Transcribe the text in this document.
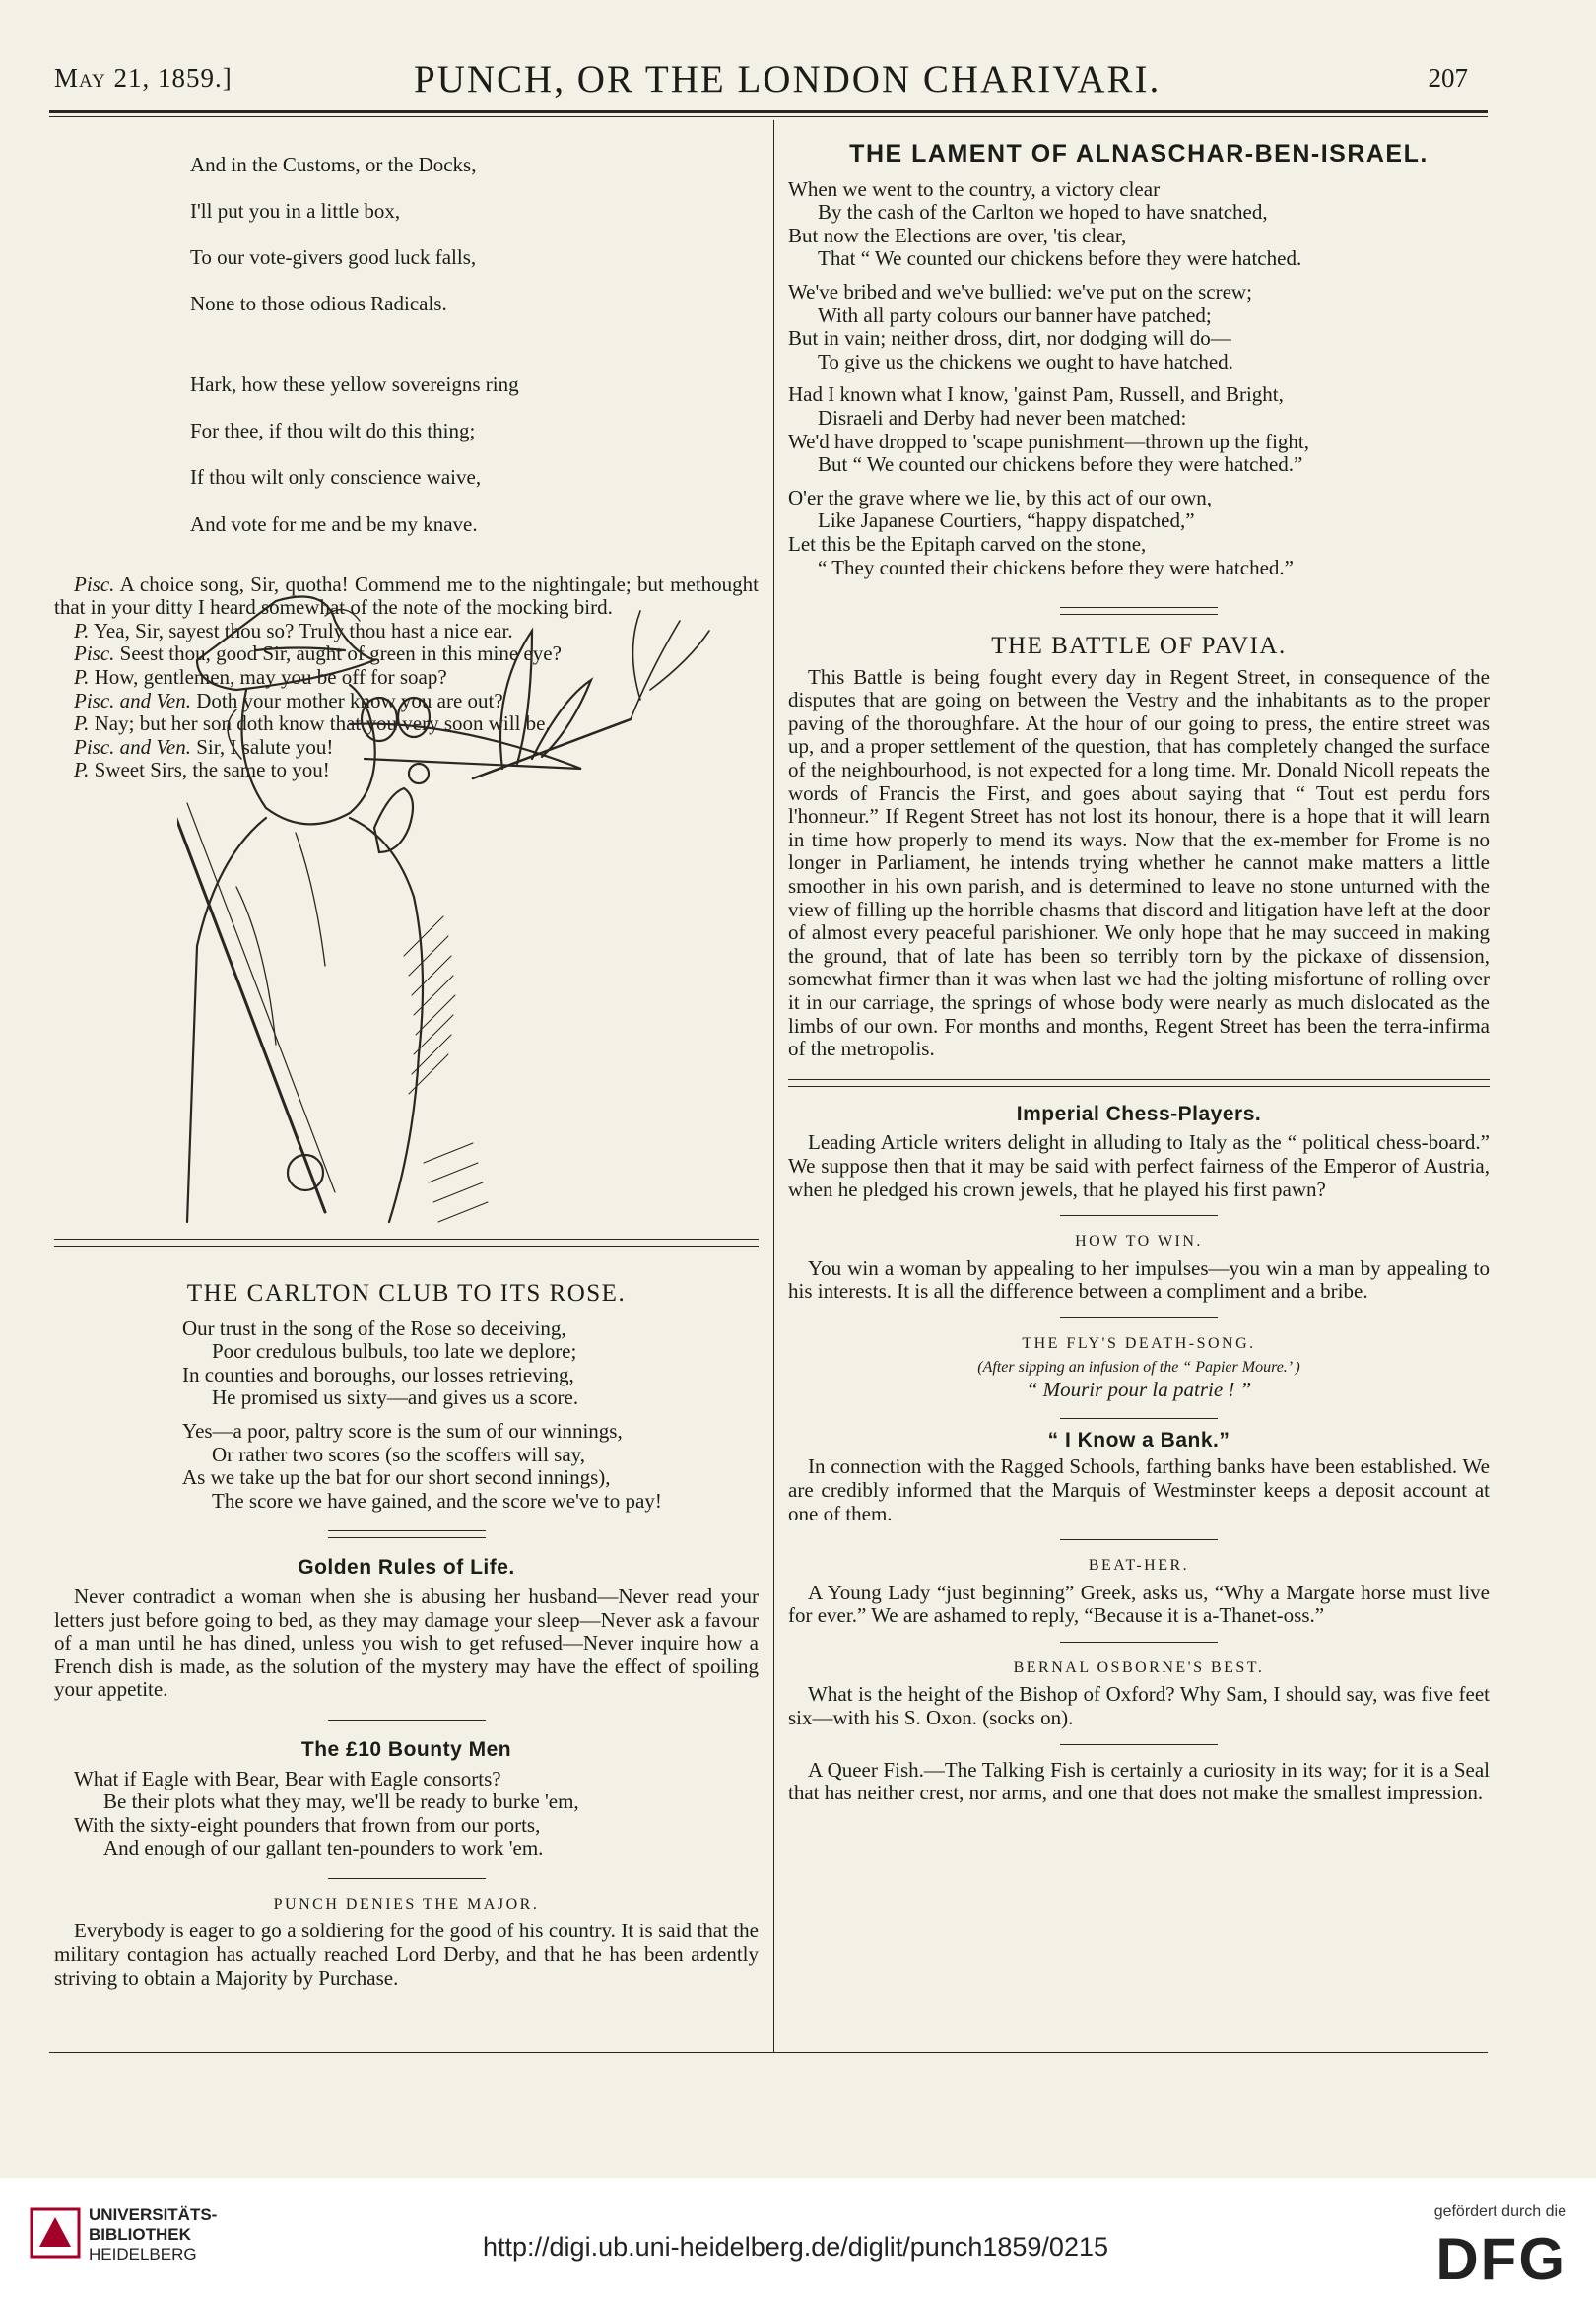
May 21, 1859.]	PUNCH, OR THE LONDON CHARIVARI.	207

And in the Customs, or the Docks,

I'll put you in a little box,

To our vote-givers good luck falls,

None to those odious Radicals.

Hark, how these yellow sovereigns ring

For thee, if thou wilt do this thing;

If thou wilt only conscience waive,

And vote for me and be my knave.

Pisc. A choice song, Sir, quotha! Commend me to the nightingale; but methought that in your ditty I heard somewhat of the note of the mocking bird.

P. Yea, Sir, sayest thou so? Truly thou hast a nice ear.

Pisc. Seest thou, good Sir, aught of green in this mine eye?

P. How, gentlemen, may you be off for soap?

Pisc. and Ven. Doth your mother know you are out?

P. Nay; but her son doth know that you very soon will be.

Pisc. and Ven. Sir, I salute you!

P. Sweet Sirs, the same to you!

THE CARLTON CLUB TO ITS ROSE.

Our trust in the song of the Rose so deceiving,

Poor credulous bulbuls, too late we deplore;

In counties and boroughs, our losses retrieving,

He promised us sixty—and gives us a score.

Yes—a poor, paltry score is the sum of our winnings,

Or rather two scores (so the scoffers will say,

As we take up the bat for our short second innings),

The score we have gained, and the score we've to pay!

Golden Rules of Life.

Never contradict a woman when she is abusing her husband—Never read your letters just before going to bed, as they may damage your sleep—Never ask a favour of a man until he has dined, unless you wish to get refused—Never inquire how a French dish is made, as the solution of the mystery may have the effect of spoiling your appetite.

The £10 Bounty Men

What if Eagle with Bear, Bear with Eagle consorts?

Be their plots what they may, we'll be ready to burke 'em,

With the sixty-eight pounders that frown from our ports,

And enough of our gallant ten-pounders to work 'em.

PUNCH DENIES THE MAJOR.

Everybody is eager to go a soldiering for the good of his country. It is said that the military contagion has actually reached Lord Derby, and that he has been ardently striving to obtain a Majority by Purchase.

THE LAMENT OF ALNASCHAR-BEN-ISRAEL.

When we went to the country, a victory clear

By the cash of the Carlton we hoped to have snatched,

But now the Elections are over, 'tis clear,

That “ We counted our chickens before they were hatched.

We've bribed and we've bullied: we've put on the screw;

With all party colours our banner have patched;

But in vain; neither dross, dirt, nor dodging will do—

To give us the chickens we ought to have hatched.

Had I known what I know, 'gainst Pam, Russell, and Bright,

Disraeli and Derby had never been matched:

We'd have dropped to 'scape punishment—thrown up the fight,

But “ We counted our chickens before they were hatched.”

O'er the grave where we lie, by this act of our own,

Like Japanese Courtiers, “happy dispatched,”

Let this be the Epitaph carved on the stone,

“ They counted their chickens before they were hatched.”

THE BATTLE OF PAVIA.

This Battle is being fought every day in Regent Street, in consequence of the disputes that are going on between the Vestry and the inhabitants as to the proper paving of the thoroughfare. At the hour of our going to press, the entire street was up, and a proper settlement of the question, that has completely changed the surface of the neighbourhood, is not expected for a long time. Mr. Donald Nicoll repeats the words of Francis the First, and goes about saying that “ Tout est perdu fors l'honneur.” If Regent Street has not lost its honour, there is a hope that it will learn in time how properly to mend its ways. Now that the ex-member for Frome is no longer in Parliament, he intends trying whether he cannot make matters a little smoother in his own parish, and is determined to leave no stone unturned with the view of filling up the horrible chasms that discord and litigation have left at the door of almost every peaceful parishioner. We only hope that he may succeed in making the ground, that of late has been so terribly torn by the pickaxe of dissension, somewhat firmer than it was when last we had the jolting misfortune of rolling over it in our carriage, the springs of whose body were nearly as much dislocated as the limbs of our own. For months and months, Regent Street has been the terra-infirma of the metropolis.

Imperial Chess-Players.

Leading Article writers delight in alluding to Italy as the “ political chess-board.” We suppose then that it may be said with perfect fairness of the Emperor of Austria, when he pledged his crown jewels, that he played his first pawn?

HOW TO WIN.

You win a woman by appealing to her impulses—you win a man by appealing to his interests. It is all the difference between a compliment and a bribe.

THE FLY'S DEATH-SONG.

(After sipping an infusion of the “ Papier Moure.’ )

“ Mourir pour la patrie ! ”

“ I Know a Bank.”

In connection with the Ragged Schools, farthing banks have been established. We are credibly informed that the Marquis of Westminster keeps a deposit account at one of them.

BEAT-HER.

A Young Lady “just beginning” Greek, asks us, “Why a Margate horse must live for ever.” We are ashamed to reply, “Because it is a-Thanet-oss.”

BERNAL OSBORNE'S BEST.

What is the height of the Bishop of Oxford? Why Sam, I should say, was five feet six—with his S. Oxon. (socks on).

A Queer Fish.—The Talking Fish is certainly a curiosity in its way; for it is a Seal that has neither crest, nor arms, and one that does not make the smallest impression.

UNIVERSITÄTS-
BIBLIOTHEK
HEIDELBERG	http://digi.ub.uni-heidelberg.de/diglit/punch1859/0215
gefördert durch die
DFG
